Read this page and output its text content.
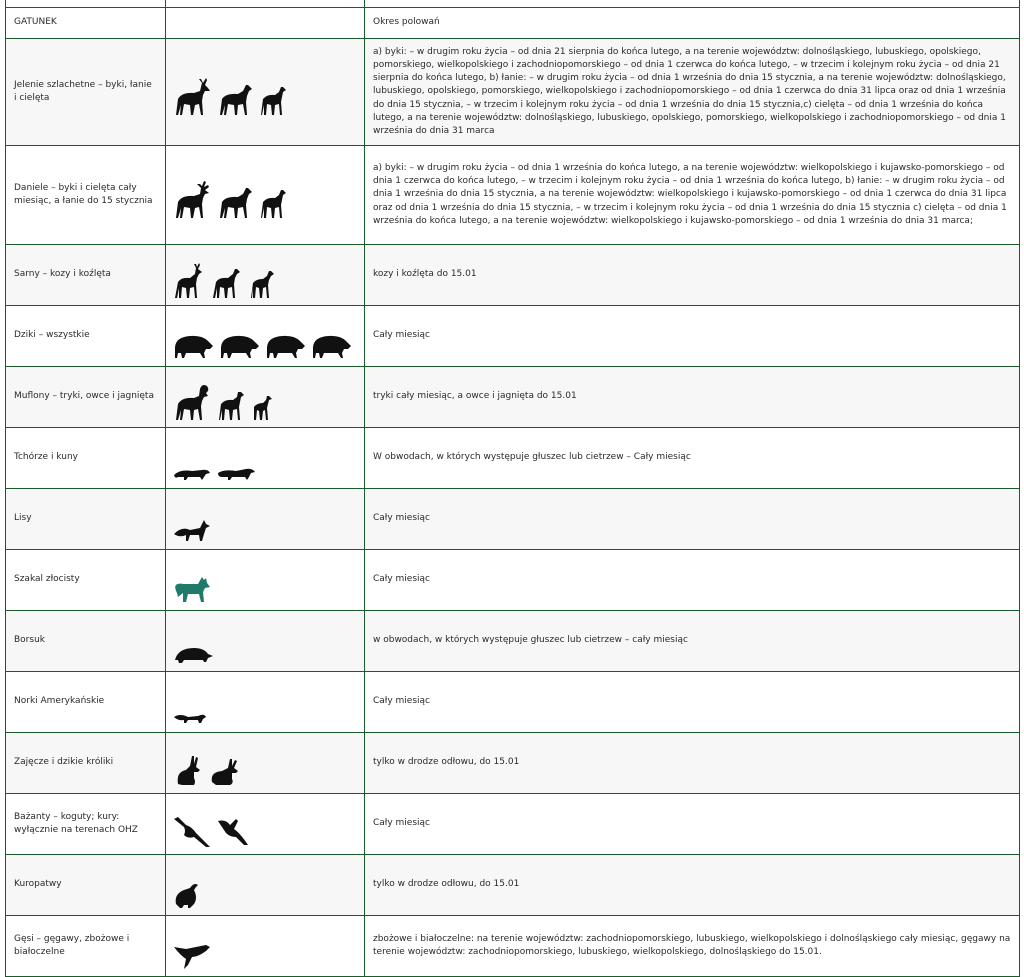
GATUNEK		Okres polowań
Jelenie szlachetne – byki, łanie i cielęta		a) byki: – w drugim roku życia – od dnia 21 sierpnia do końca lutego, a na terenie województw: dolnośląskiego, lubuskiego, opolskiego, pomorskiego, wielkopolskiego i zachodniopomorskiego – od dnia 1 czerwca do końca lutego, – w trzecim i kolejnym roku życia – od dnia 21 sierpnia do końca lutego, b) łanie: – w drugim roku życia – od dnia 1 września do dnia 15 stycznia, a na terenie województw: dolnośląskiego, lubuskiego, opolskiego, pomorskiego, wielkopolskiego i zachodniopomorskiego – od dnia 1 czerwca do dnia 31 lipca oraz od dnia 1 września do dnia 15 stycznia, – w trzecim i kolejnym roku życia – od dnia 1 września do dnia 15 stycznia,c) cielęta – od dnia 1 września do końca lutego, a na terenie województw: dolnośląskiego, lubuskiego, opolskiego, pomorskiego, wielkopolskiego i zachodniopomorskiego – od dnia 1 września do dnia 31 marca
Daniele – byki i cielęta cały miesiąc, a łanie do 15 stycznia		a) byki: – w drugim roku życia – od dnia 1 września do końca lutego, a na terenie województw: wielkopolskiego i kujawsko-pomorskiego – od dnia 1 czerwca do końca lutego, – w trzecim i kolejnym roku życia – od dnia 1 września do końca lutego, b) łanie: – w drugim roku życia – od dnia 1 września do dnia 15 stycznia, a na terenie województw: wielkopolskiego i kujawsko-pomorskiego – od dnia 1 czerwca do dnia 31 lipca oraz od dnia 1 września do dnia 15 stycznia, – w trzecim i kolejnym roku życia – od dnia 1 września do dnia 15 stycznia c) cielęta – od dnia 1 września do końca lutego, a na terenie województw: wielkopolskiego i kujawsko-pomorskiego – od dnia 1 września do dnia 31 marca;
Sarny – kozy i koźlęta		kozy i koźlęta do 15.01
Dziki – wszystkie		Cały miesiąc
Muflony – tryki, owce i jagnięta		tryki cały miesiąc, a owce i jagnięta do 15.01
Tchórze i kuny		W obwodach, w których występuje głuszec lub cietrzew – Cały miesiąc
Lisy		Cały miesiąc
Szakal złocisty		Cały miesiąc
Borsuk		w obwodach, w których występuje głuszec lub cietrzew – cały miesiąc
Norki Amerykańskie		Cały miesiąc
Zajęcze i dzikie króliki		tylko w drodze odłowu, do 15.01
Bażanty – koguty; kury: wyłącznie na terenach OHZ		Cały miesiąc
Kuropatwy		tylko w drodze odłowu, do 15.01
Gęsi – gęgawy, zbożowe i białoczelne		zbożowe i białoczelne: na terenie województw: zachodniopomorskiego, lubuskiego, wielkopolskiego i dolnośląskiego cały miesiąc, gęgawy na terenie województw: zachodniopomorskiego, lubuskiego, wielkopolskiego, dolnośląskiego do 15.01.
